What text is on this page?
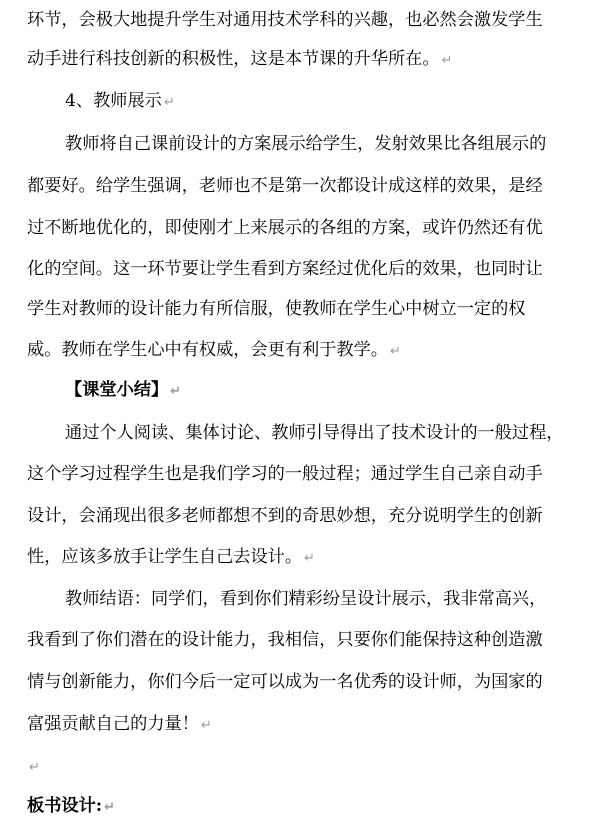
环节，会极大地提升学生对通用技术学科的兴趣，也必然会激发学生
动手进行科技创新的积极性，这是本节课的升华所在。 ↵
4、教师展示 ↵
教师将自己课前设计的方案展示给学生，发射效果比各组展示的
都要好。给学生强调，老师也不是第一次都设计成这样的效果，是经
过不断地优化的，即使刚才上来展示的各组的方案，或许仍然还有优
化的空间。这一环节要让学生看到方案经过优化后的效果，也同时让
学生对教师的设计能力有所信服，使教师在学生心中树立一定的权
威。教师在学生心中有权威，会更有利于教学。 ↵
【课堂小结】 ↵
通过个人阅读、集体讨论、教师引导得出了技术设计的一般过程，
这个学习过程学生也是我们学习的一般过程；通过学生自己亲自动手
设计，会涌现出很多老师都想不到的奇思妙想，充分说明学生的创新
性，应该多放手让学生自己去设计。 ↵
教师结语：同学们，看到你们精彩纷呈设计展示，我非常高兴，
我看到了你们潜在的设计能力，我相信，只要你们能保持这种创造激
情与创新能力，你们今后一定可以成为一名优秀的设计师，为国家的
富强贡献自己的力量！ ↵
↵
板书设计: ↵
